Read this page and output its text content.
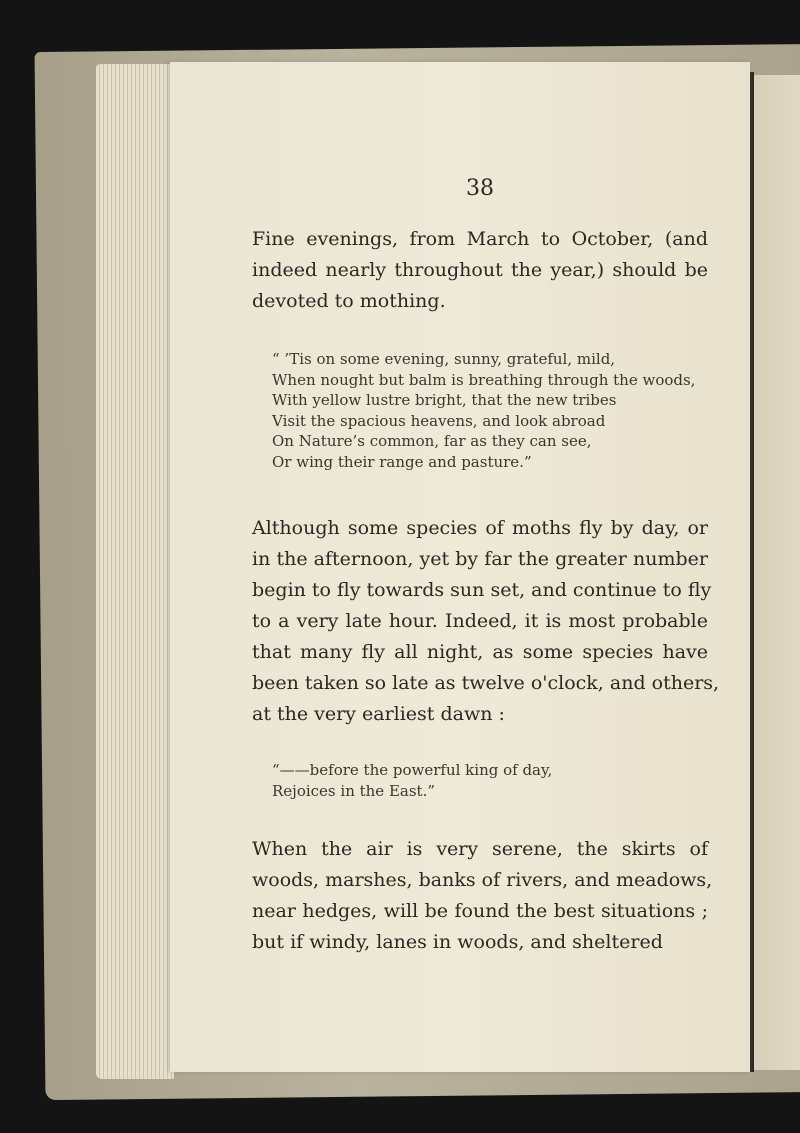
38
Fine evenings, from March to October, (and
indeed nearly throughout the year,) should be
devoted to mothing.
“ ’Tis on some evening, sunny, grateful, mild,
When nought but balm is breathing through the woods,
With yellow lustre bright, that the new tribes
Visit the spacious heavens, and look abroad
On Nature’s common, far as they can see,
Or wing their range and pasture.”
Although some species of moths fly by day, or
in the afternoon, yet by far the greater number
begin to fly towards sun set, and continue to fly
to a very late hour. Indeed, it is most probable
that many fly all night, as some species have
been taken so late as twelve o'clock, and others,
at the very earliest dawn :
“——before the powerful king of day,
Rejoices in the East.”
When the air is very serene, the skirts of
woods, marshes, banks of rivers, and meadows,
near hedges, will be found the best situations ;
but if windy, lanes in woods, and sheltered
